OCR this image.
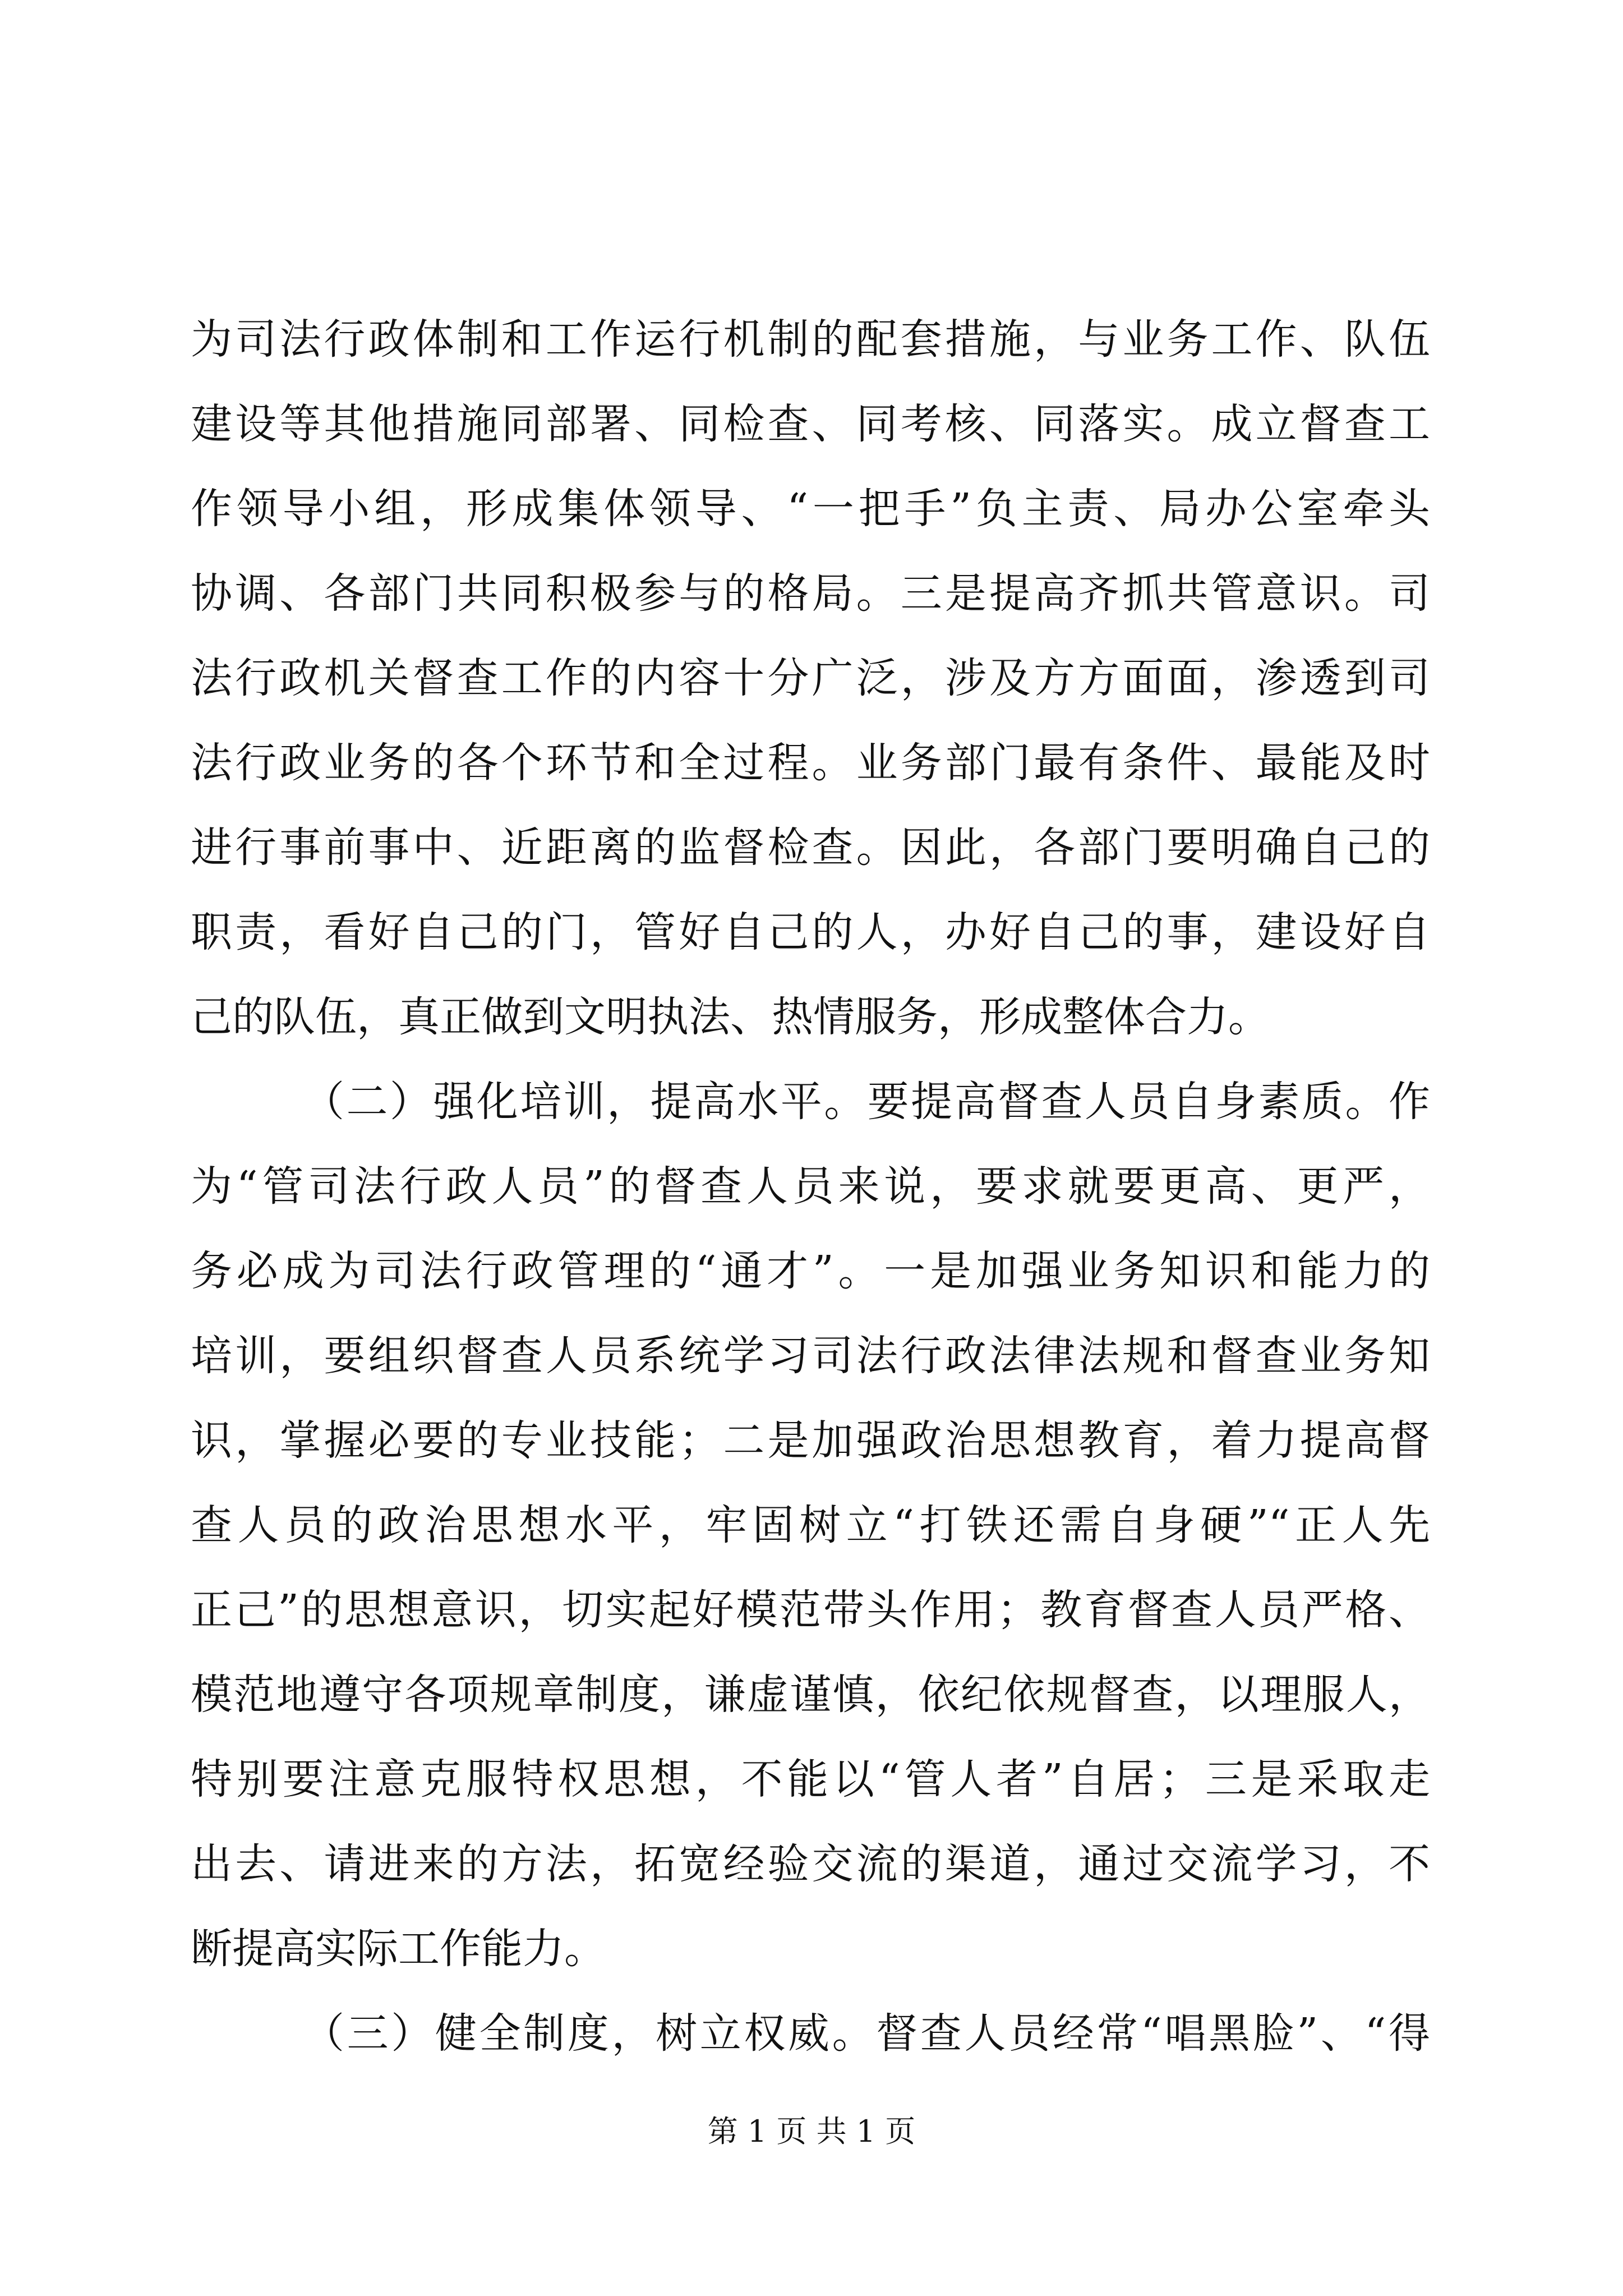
为司法行政体制和工作运行机制的配套措施，与业务工作、队伍
建设等其他措施同部署、同检查、同考核、同落实。成立督查工
作领导小组，形成集体领导、“一把手”负主责、局办公室牵头
协调、各部门共同积极参与的格局。三是提高齐抓共管意识。司
法行政机关督查工作的内容十分广泛，涉及方方面面，渗透到司
法行政业务的各个环节和全过程。业务部门最有条件、最能及时
进行事前事中、近距离的监督检查。因此，各部门要明确自己的
职责，看好自己的门，管好自己的人，办好自己的事，建设好自
己的队伍，真正做到文明执法、热情服务，形成整体合力。
（二）强化培训，提高水平。要提高督查人员自身素质。作
为“管司法行政人员”的督查人员来说，要求就要更高、更严，
务必成为司法行政管理的“通才”。一是加强业务知识和能力的
培训，要组织督查人员系统学习司法行政法律法规和督查业务知
识，掌握必要的专业技能；二是加强政治思想教育，着力提高督
查人员的政治思想水平，牢固树立“打铁还需自身硬”“正人先
正己”的思想意识，切实起好模范带头作用；教育督查人员严格、
模范地遵守各项规章制度，谦虚谨慎，依纪依规督查，以理服人，
特别要注意克服特权思想，不能以“管人者”自居；三是采取走
出去、请进来的方法，拓宽经验交流的渠道，通过交流学习，不
断提高实际工作能力。
（三）健全制度，树立权威。督查人员经常“唱黑脸”、“得
第 1 页 共 1 页
